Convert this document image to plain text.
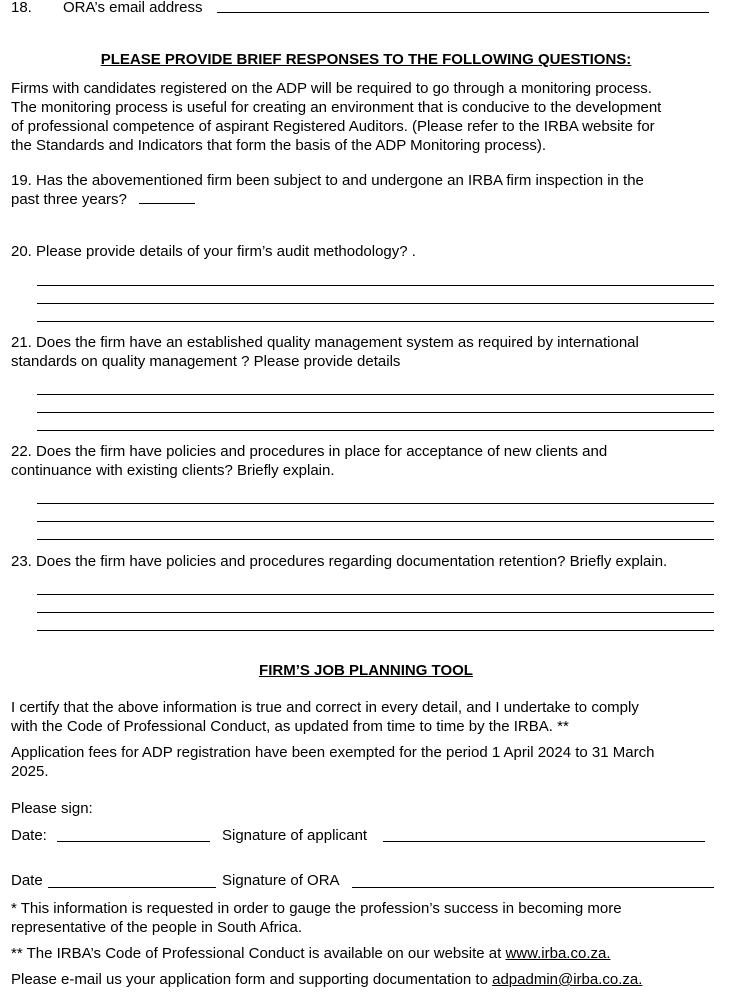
18. ORA’s email address
PLEASE PROVIDE BRIEF RESPONSES TO THE FOLLOWING QUESTIONS:
Firms with candidates registered on the ADP will be required to go through a monitoring process.
The monitoring process is useful for creating an environment that is conducive to the development
of professional competence of aspirant Registered Auditors. (Please refer to the IRBA website for
the Standards and Indicators that form the basis of the ADP Monitoring process).
19. Has the abovementioned firm been subject to and undergone an IRBA firm inspection in the
past three years?
20. Please provide details of your firm’s audit methodology? .
21. Does the firm have an established quality management system as required by international
standards on quality management ? Please provide details
22. Does the firm have policies and procedures in place for acceptance of new clients and
continuance with existing clients? Briefly explain.
23. Does the firm have policies and procedures regarding documentation retention? Briefly explain.
FIRM’S JOB PLANNING TOOL
I certify that the above information is true and correct in every detail, and I undertake to comply
with the Code of Professional Conduct, as updated from time to time by the IRBA. **
Application fees for ADP registration have been exempted for the period 1 April 2024 to 31 March
2025.
Please sign:
Date:	Signature of applicant
Date	Signature of ORA
* This information is requested in order to gauge the profession’s success in becoming more
representative of the people in South Africa.
** The IRBA’s Code of Professional Conduct is available on our website at www.irba.co.za.
Please e-mail us your application form and supporting documentation to adpadmin@irba.co.za.
